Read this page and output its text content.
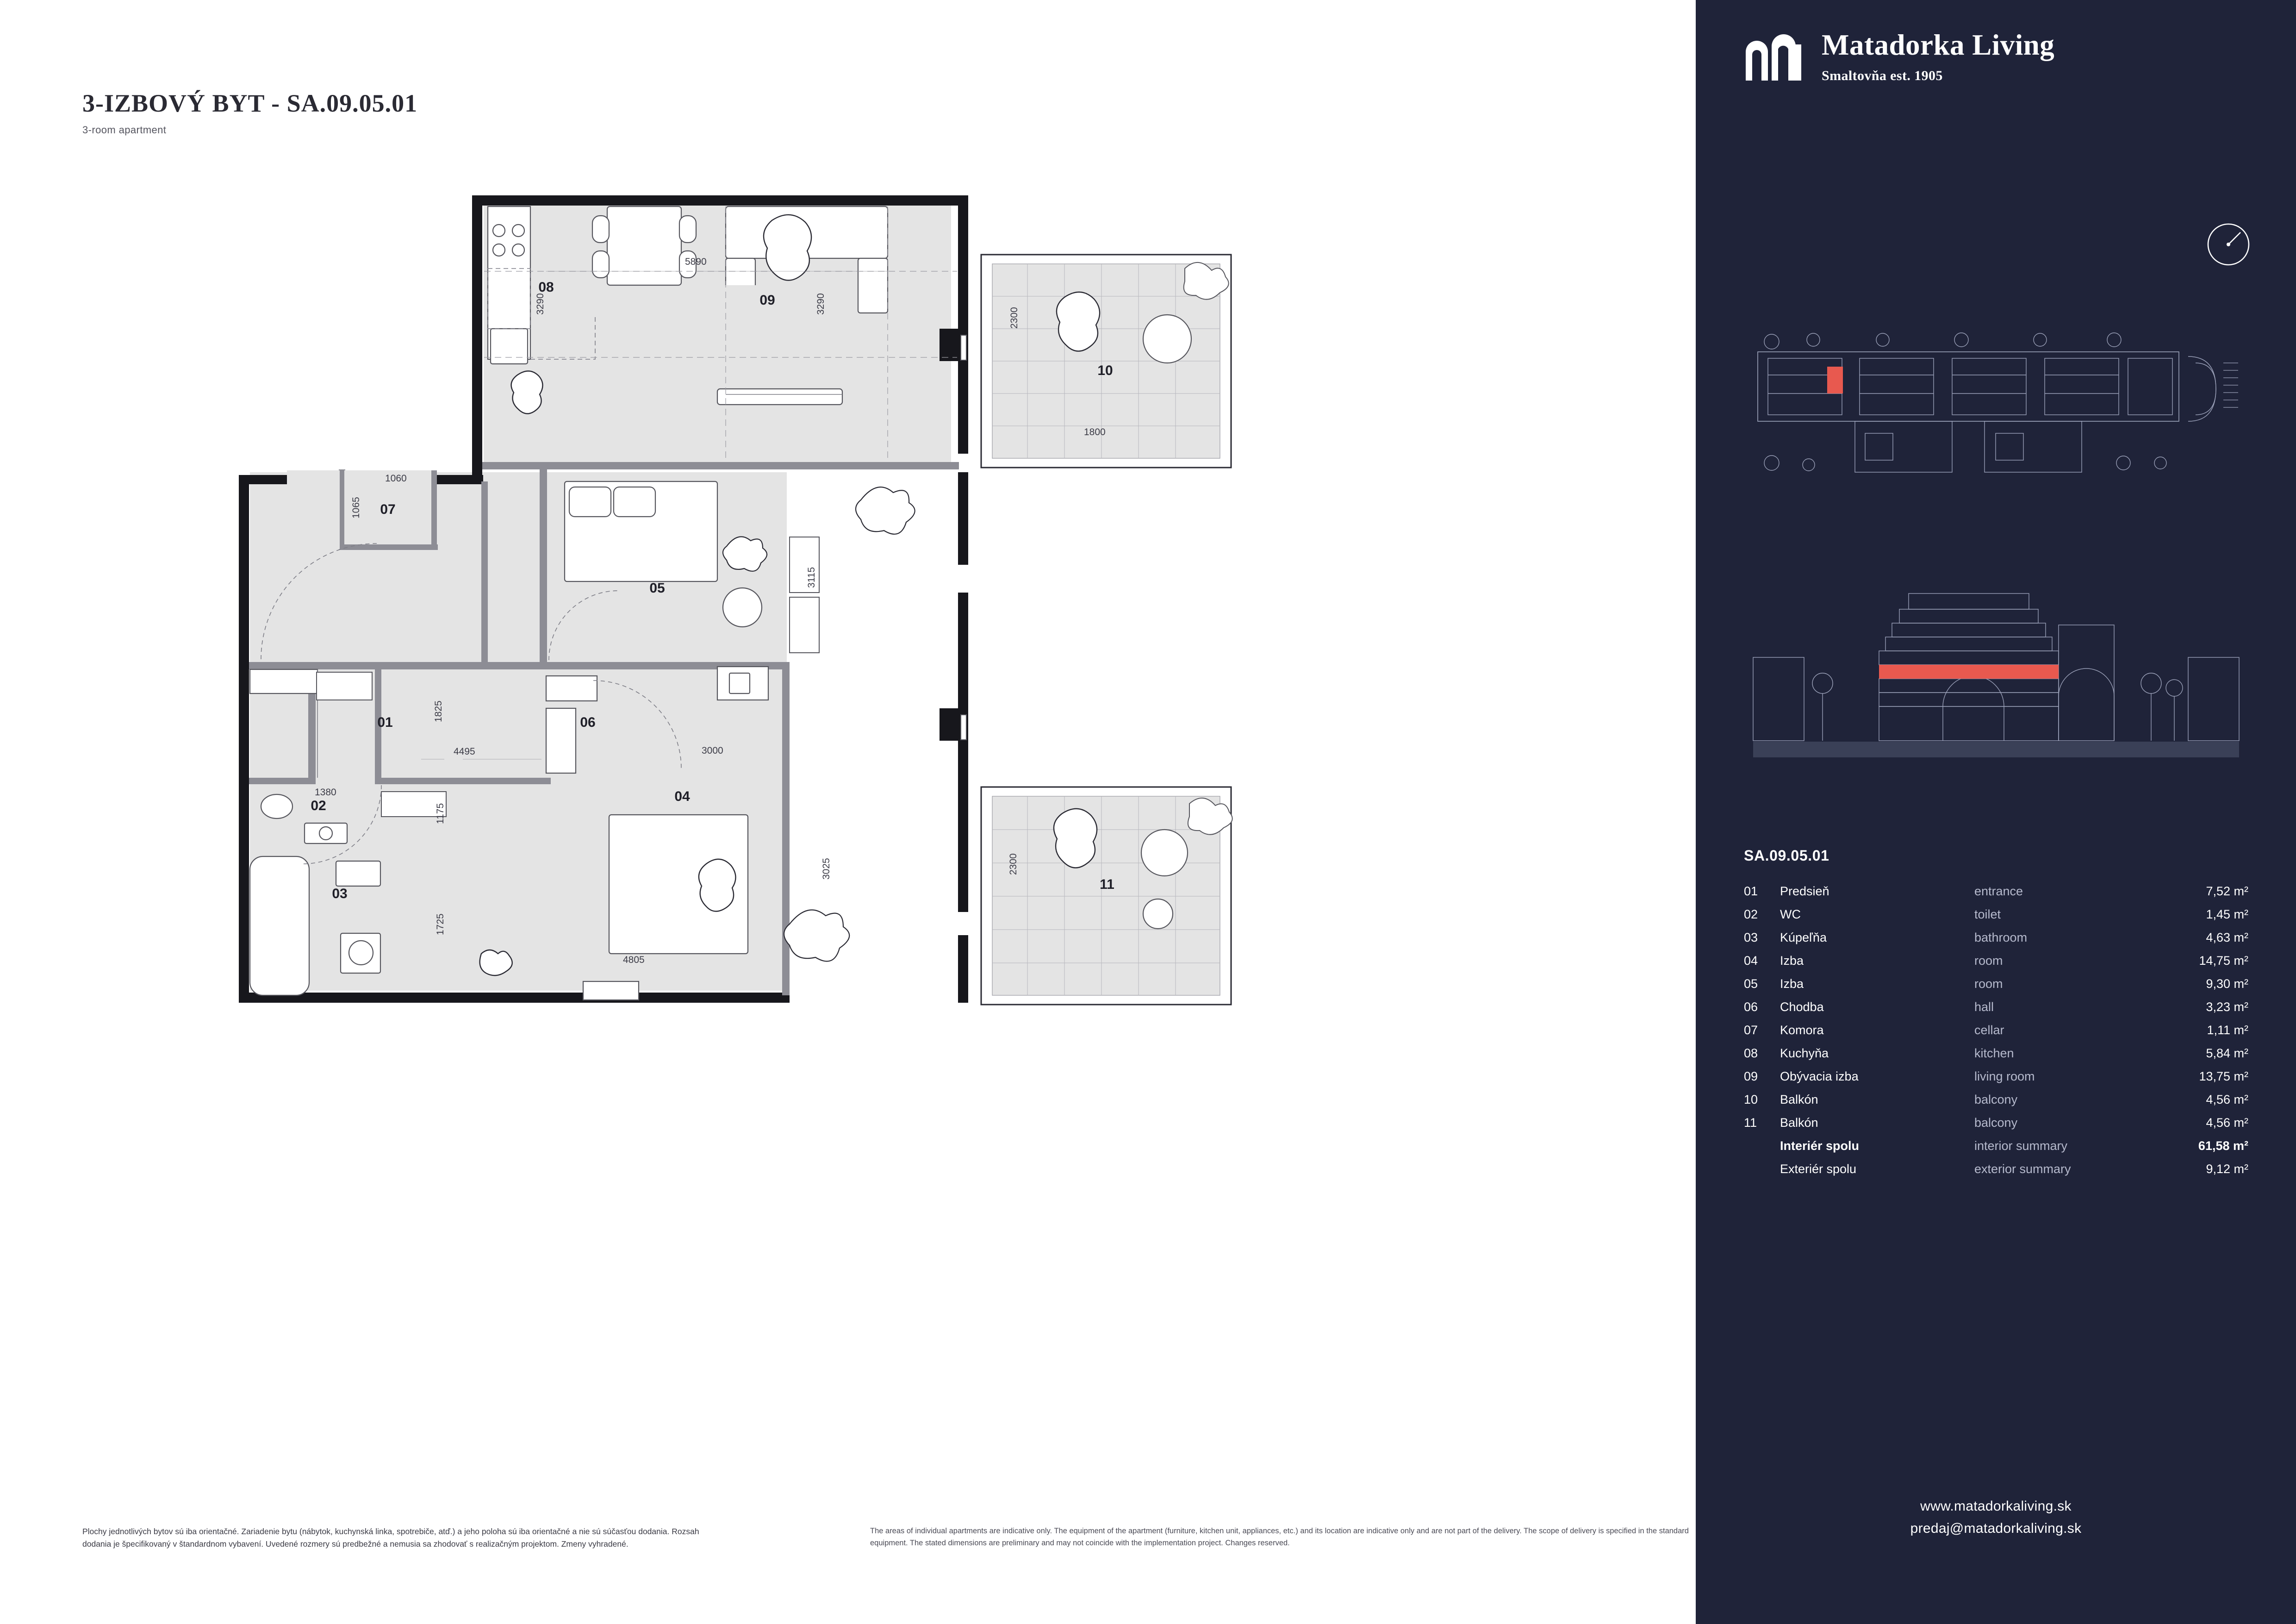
3-IZBOVÝ BYT - SA.09.05.01
3-room apartment
01
02
03
04
05
06
07
08
09
10
11
5890
3290	3290
2300
1800
1060
1065
1825
4495	3000
3115
1380
1175
1725
4805
3025	2300
Plochy jednotlivých bytov sú iba orientačné. Zariadenie bytu (nábytok, kuchynská linka, spotrebiče, atď.) a jeho poloha sú iba orientačné a nie sú súčasťou dodania. Rozsah dodania je špecifikovaný v štandardnom vybavení. Uvedené rozmery sú predbežné a nemusia sa zhodovať s realizačným projektom. Zmeny vyhradené.
The areas of individual apartments are indicative only. The equipment of the apartment (furniture, kitchen unit, appliances, etc.) and its location are indicative only and are not part of the delivery. The scope of delivery is specified in the standard equipment. The stated dimensions are preliminary and may not coincide with the implementation project. Changes reserved.
Matadorka Living
Smaltovňa est. 1905
SA.09.05.01
01	Predsieň	entrance	7,52 m²
02	WC	toilet	1,45 m²
03	Kúpeľňa	bathroom	4,63 m²
04	Izba	room	14,75 m²
05	Izba	room	9,30 m²
06	Chodba	hall	3,23 m²
07	Komora	cellar	1,11 m²
08	Kuchyňa	kitchen	5,84 m²
09	Obývacia izba	living room	13,75 m²
10	Balkón	balcony	4,56 m²
11	Balkón	balcony	4,56 m²
	Interiér spolu	interior summary	61,58 m²
	Exteriér spolu	exterior summary	9,12 m²
www.matadorkaliving.sk
predaj@matadorkaliving.sk
